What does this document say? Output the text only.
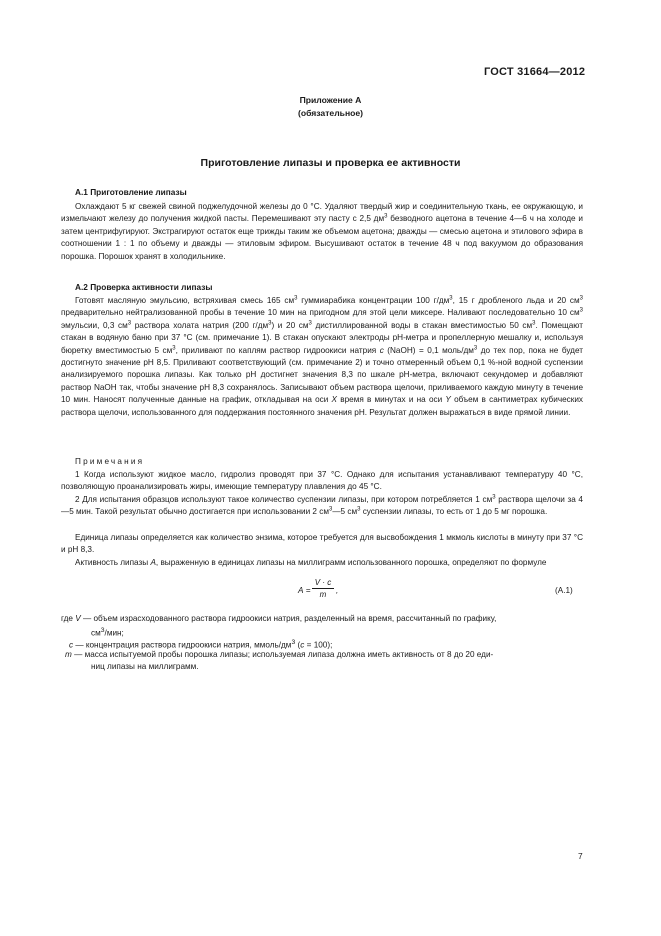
ГОСТ 31664—2012
Приложение А
(обязательное)
Приготовление липазы и проверка ее активности
А.1 Приготовление липазы
Охлаждают 5 кг свежей свиной поджелудочной железы до 0 °С. Удаляют твердый жир и соединительную ткань, ее окружающую, и измельчают железу до получения жидкой пасты. Перемешивают эту пасту с 2,5 $дм^3$ безводного ацетона в течение 4—6 ч на холоде и затем центрифугируют. Экстрагируют остаток еще трижды таким же объемом ацетона; дважды — смесью ацетона и этилового эфира в соотношении 1 : 1 по объему и дважды — этиловым эфиром. Высушивают остаток в течение 48 ч под вакуумом до образования порошка. Порошок хранят в холодильнике.
А.2 Проверка активности липазы
Готовят масляную эмульсию, встряхивая смесь 165 $см^3$ гуммиарабика концентрации 100 $г/дм^3$, 15 г дробленого льда и 20 $см^3$ предварительно нейтрализованной пробы в течение 10 мин на пригодном для этой цели миксере. Наливают последовательно 10 $см^3$ эмульсии, 0,3 $см^3$ раствора холата натрия (200 $г/дм^3$) и 20 $см^3$ дистиллированной воды в стакан вместимостью 50 $см^3$. Помещают стакан в водяную баню при 37 °С (см. примечание 1). В стакан опускают электроды рН-метра и пропеллерную мешалку и, используя бюретку вместимостью 5 $см^3$, приливают по каплям раствор гидроокиси натрия c (NaOH) = 0,1 моль/$дм^3$ до тех пор, пока не будет достигнуто значение рН 8,5. Приливают соответствующий (см. примечание 2) и точно отмеренный объем 0,1 %-ной водной суспензии анализируемого порошка липазы. Как только рН достигнет значения 8,3 по шкале рН-метра, включают секундомер и добавляют раствор NaOH так, чтобы значение рН 8,3 сохранялось. Записывают объем раствора щелочи, приливаемого каждую минуту в течение 10 мин. Наносят полученные данные на график, откладывая на оси X время в минутах и на оси Y объем в сантиметрах кубических раствора щелочи, использованного для поддержания постоянного значения рН. Результат должен выражаться в виде прямой линии.
Примечания
1 Когда используют жидкое масло, гидролиз проводят при 37 °С. Однако для испытания устанавливают температуру 40 °С, позволяющую проанализировать жиры, имеющие температуру плавления до 45 °С.
2 Для испытания образцов используют такое количество суспензии липазы, при котором потребляется 1 $см^3$ раствора щелочи за 4—5 мин. Такой результат обычно достигается при использовании 2 $см^3—5$ $см^3$ суспензии липазы, то есть от 1 до 5 мг порошка.
Единица липазы определяется как количество энзима, которое требуется для высвобождения 1 мкмоль кислоты в минуту при 37 °С и рН 8,3.
Активность липазы А, выраженную в единицах липазы на миллиграмм использованного порошка, определяют по формуле
$А = \frac{V \cdot c}{m}$ ,	(А.1)
где V — объем израсходованного раствора гидроокиси натрия, разделенный на время, рассчитанный по графику,
$см^3$/мин;
c — концентрация раствора гидроокиси натрия, ммоль/$дм^3$ (c = 100);
m — масса испытуемой пробы порошка липазы; используемая липаза должна иметь активность от 8 до 20 еди-
ниц липазы на миллиграмм.
7
